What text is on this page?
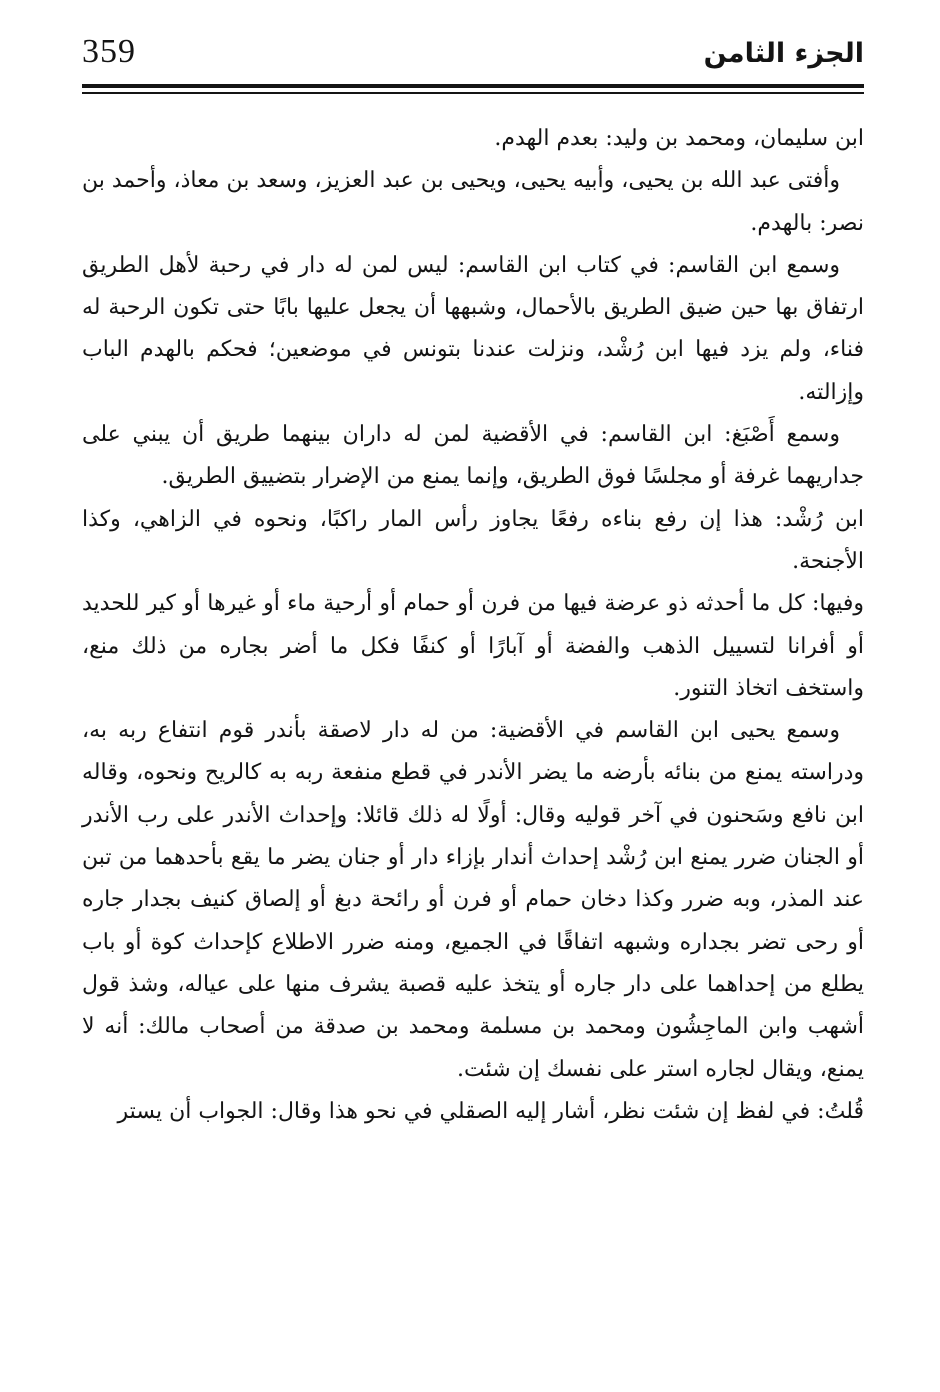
359	الجزء الثامن

ابن سليمان، ومحمد بن وليد: بعدم الهدم.

وأفتى عبد الله بن يحيى، وأبيه يحيى، ويحيى بن عبد العزيز، وسعد بن معاذ، وأحمد بن نصر: بالهدم.

وسمع ابن القاسم: في كتاب ابن القاسم: ليس لمن له دار في رحبة لأهل الطريق ارتفاق بها حين ضيق الطريق بالأحمال، وشبهها أن يجعل عليها بابًا حتى تكون الرحبة له فناء، ولم يزد فيها ابن رُشْد، ونزلت عندنا بتونس في موضعين؛ فحكم بالهدم الباب وإزالته.

وسمع أَصْبَغ: ابن القاسم: في الأقضية لمن له داران بينهما طريق أن يبني على جداريهما غرفة أو مجلسًا فوق الطريق، وإنما يمنع من الإضرار بتضييق الطريق.

ابن رُشْد: هذا إن رفع بناءه رفعًا يجاوز رأس المار راكبًا، ونحوه في الزاهي، وكذا الأجنحة.

وفيها: كل ما أحدثه ذو عرضة فيها من فرن أو حمام أو أرحية ماء أو غيرها أو كير للحديد أو أفرانا لتسييل الذهب والفضة أو آبارًا أو كنفًا فكل ما أضر بجاره من ذلك منع، واستخف اتخاذ التنور.

وسمع يحيى ابن القاسم في الأقضية: من له دار لاصقة بأندر قوم انتفاع ربه به، ودراسته يمنع من بنائه بأرضه ما يضر الأندر في قطع منفعة ربه به كالريح ونحوه، وقاله ابن نافع وسَحنون في آخر قوليه وقال: أولًا له ذلك قائلا: وإحداث الأندر على رب الأندر أو الجنان ضرر يمنع ابن رُشْد إحداث أندار بإزاء دار أو جنان يضر ما يقع بأحدهما من تبن عند المذر، وبه ضرر وكذا دخان حمام أو فرن أو رائحة دبغ أو إلصاق كنيف بجدار جاره أو رحى تضر بجداره وشبهه اتفاقًا في الجميع، ومنه ضرر الاطلاع كإحداث كوة أو باب يطلع من إحداهما على دار جاره أو يتخذ عليه قصبة يشرف منها على عياله، وشذ قول أشهب وابن الماجِشُون ومحمد بن مسلمة ومحمد بن صدقة من أصحاب مالك: أنه لا يمنع، ويقال لجاره استر على نفسك إن شئت.

قُلتُ: في لفظ إن شئت نظر، أشار إليه الصقلي في نحو هذا وقال: الجواب أن يستر
